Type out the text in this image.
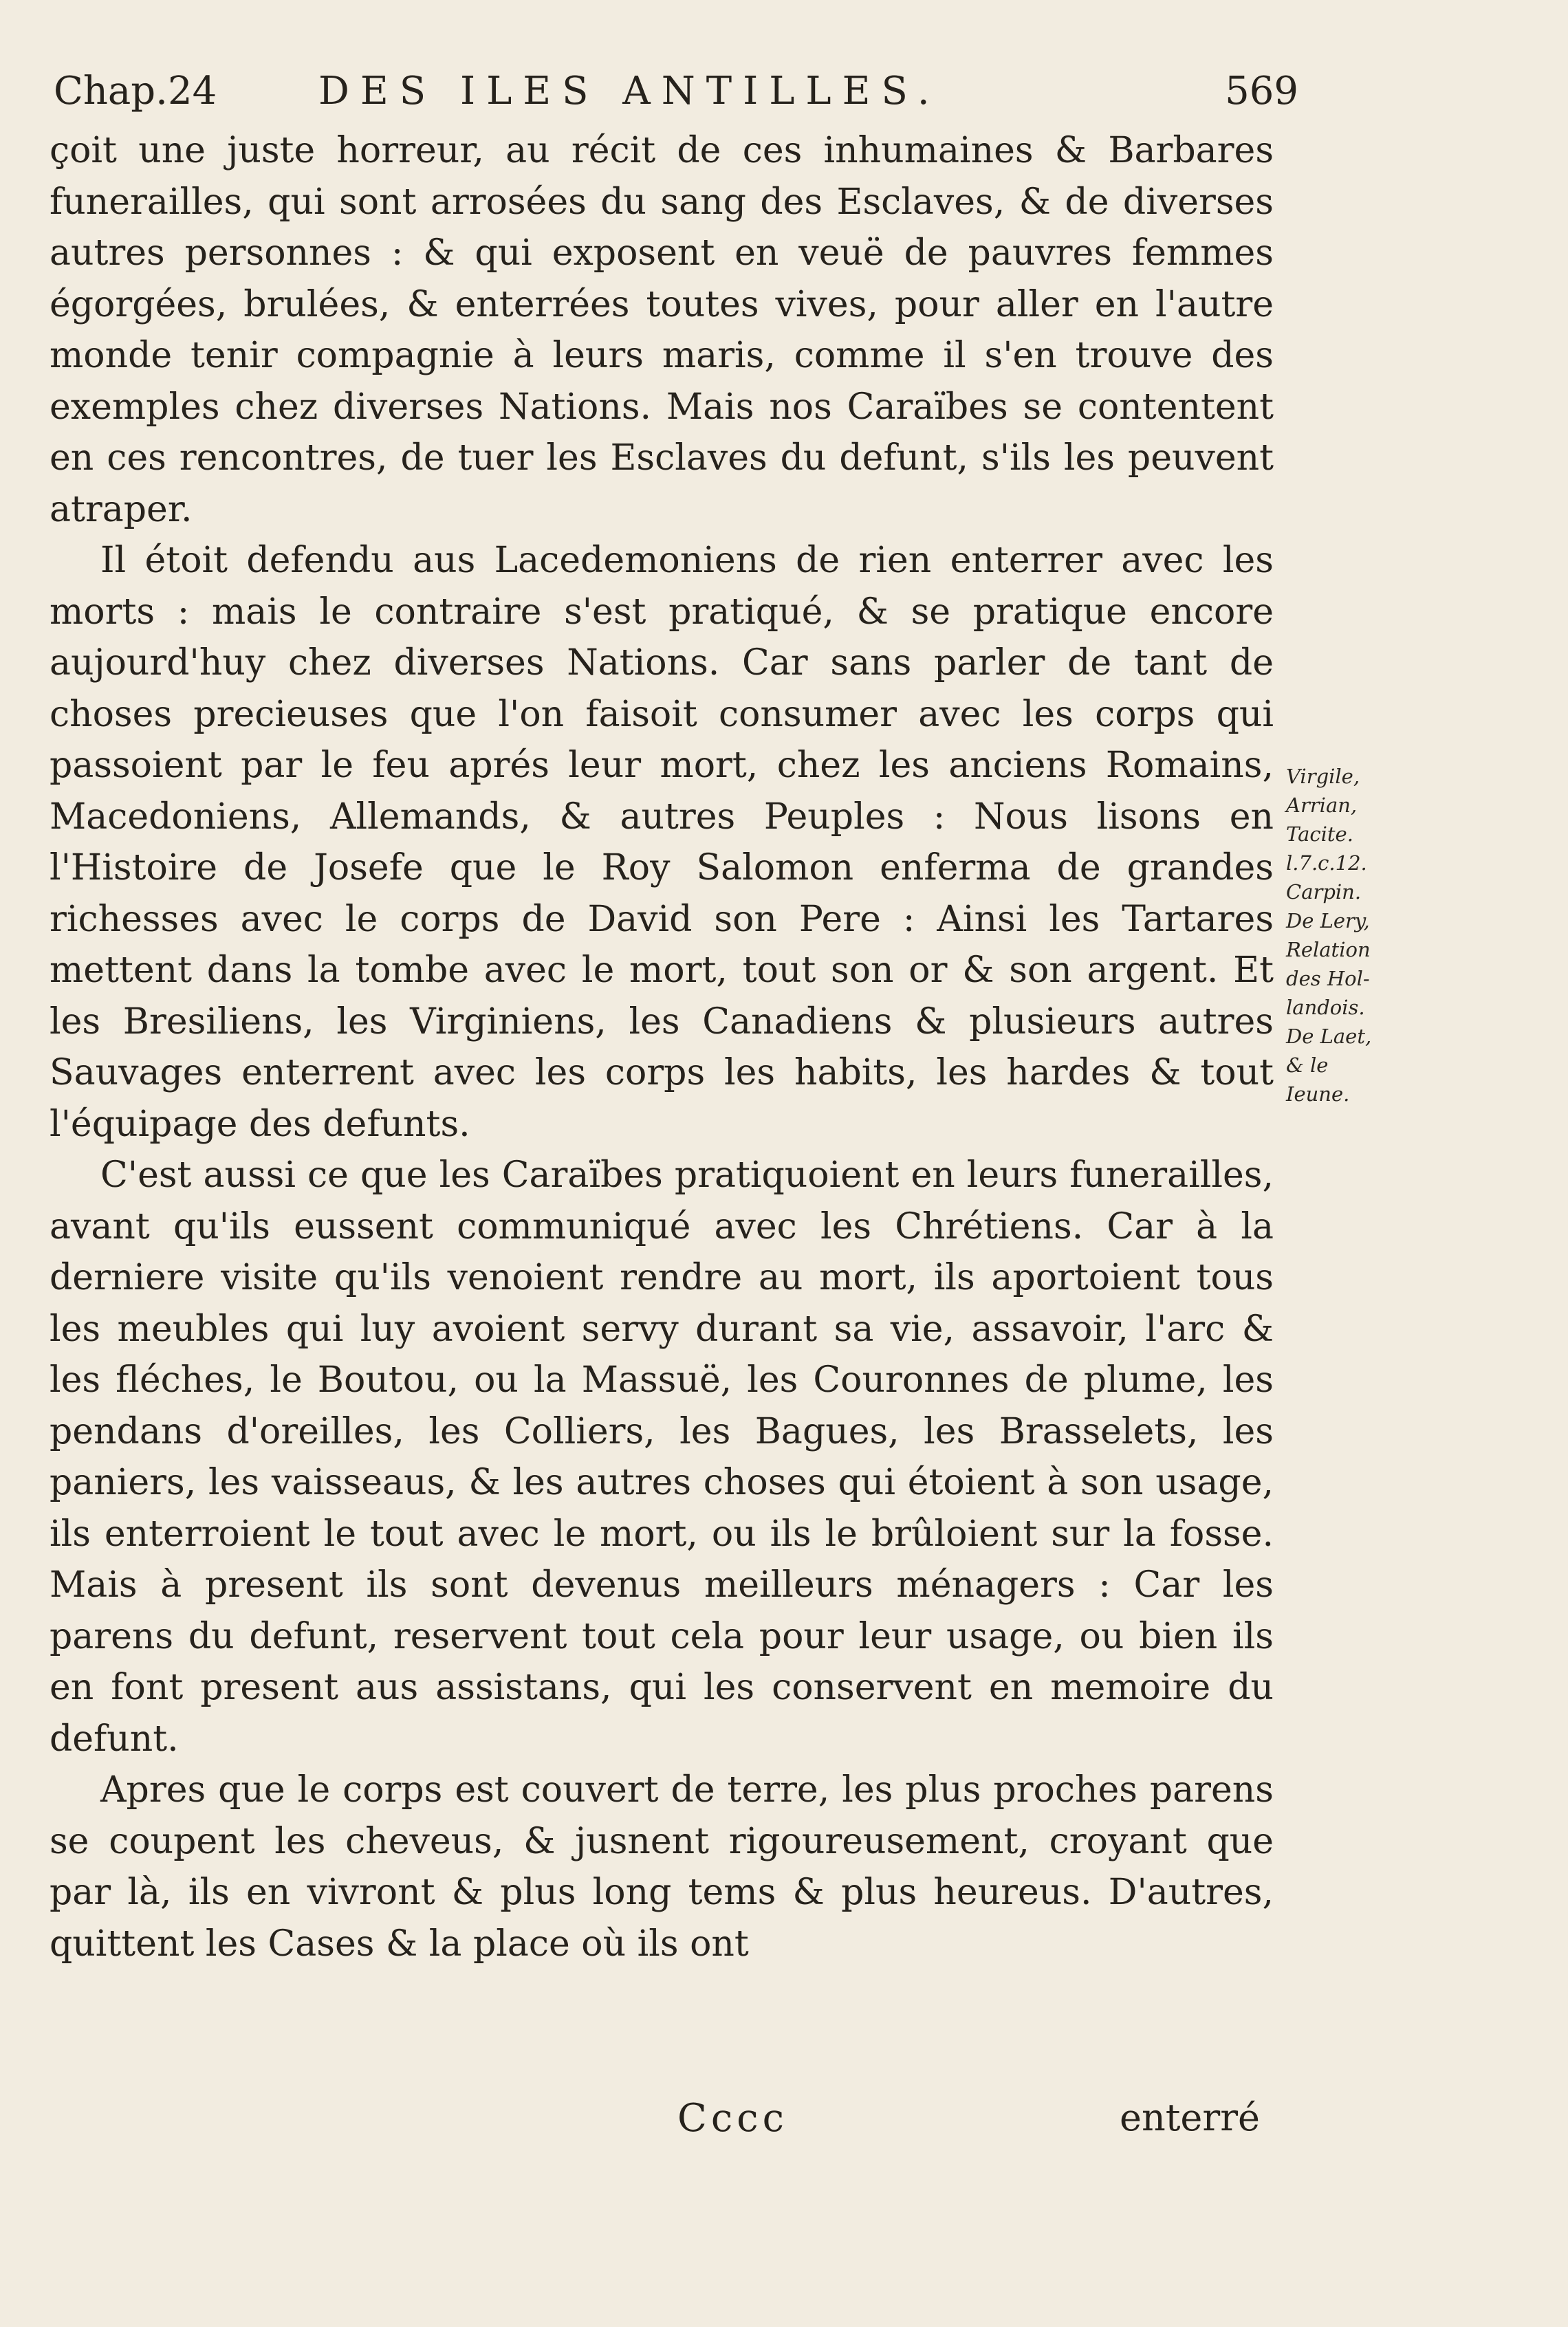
Chap.24	DES ILES ANTILLES.	569

çoit une juste horreur, au récit de ces inhumaines & Barbares funerailles, qui sont arrosées du sang des Esclaves, & de diverses autres personnes : & qui exposent en veuë de pauvres femmes égorgées, brulées, & enterrées toutes vives, pour aller en l'autre monde tenir compagnie à leurs maris, comme il s'en trouve des exemples chez diverses Nations. Mais nos Caraïbes se contentent en ces rencontres, de tuer les Esclaves du defunt, s'ils les peuvent atraper.

Il étoit defendu aus Lacedemoniens de rien enterrer avec les morts : mais le contraire s'est pratiqué, & se pratique encore aujourd'huy chez diverses Nations. Car sans parler de tant de choses precieuses que l'on faisoit consumer avec les corps qui passoient par le feu aprés leur mort, chez les anciens Romains, Macedoniens, Allemands, & autres Peuples : Nous lisons en l'Histoire de Josefe que le Roy Salomon enferma de grandes richesses avec le corps de David son Pere : Ainsi les Tartares mettent dans la tombe avec le mort, tout son or & son argent. Et les Bresiliens, les Virginiens, les Canadiens & plusieurs autres Sauvages enterrent avec les corps les habits, les hardes & tout l'équipage des defunts.

C'est aussi ce que les Caraïbes pratiquoient en leurs funerailles, avant qu'ils eussent communiqué avec les Chrétiens. Car à la derniere visite qu'ils venoient rendre au mort, ils aportoient tous les meubles qui luy avoient servy durant sa vie, assavoir, l'arc & les fléches, le Boutou, ou la Massuë, les Couronnes de plume, les pendans d'oreilles, les Colliers, les Bagues, les Brasselets, les paniers, les vaisseaus, & les autres choses qui étoient à son usage, ils enterroient le tout avec le mort, ou ils le brûloient sur la fosse. Mais à present ils sont devenus meilleurs ménagers : Car les parens du defunt, reservent tout cela pour leur usage, ou bien ils en font present aus assistans, qui les conservent en memoire du defunt.

Apres que le corps est couvert de terre, les plus proches parens se coupent les cheveus, & jusnent rigoureusement, croyant que par là, ils en vivront & plus long tems & plus heureus. D'autres, quittent les Cases & la place où ils ont

Virgile,
Arrian,
Tacite.
l.7.c.12.
Carpin.
De Lery,
Relation
des Hol-
landois.
De Laet,
& le
Ieune.
Cccc	enterré
